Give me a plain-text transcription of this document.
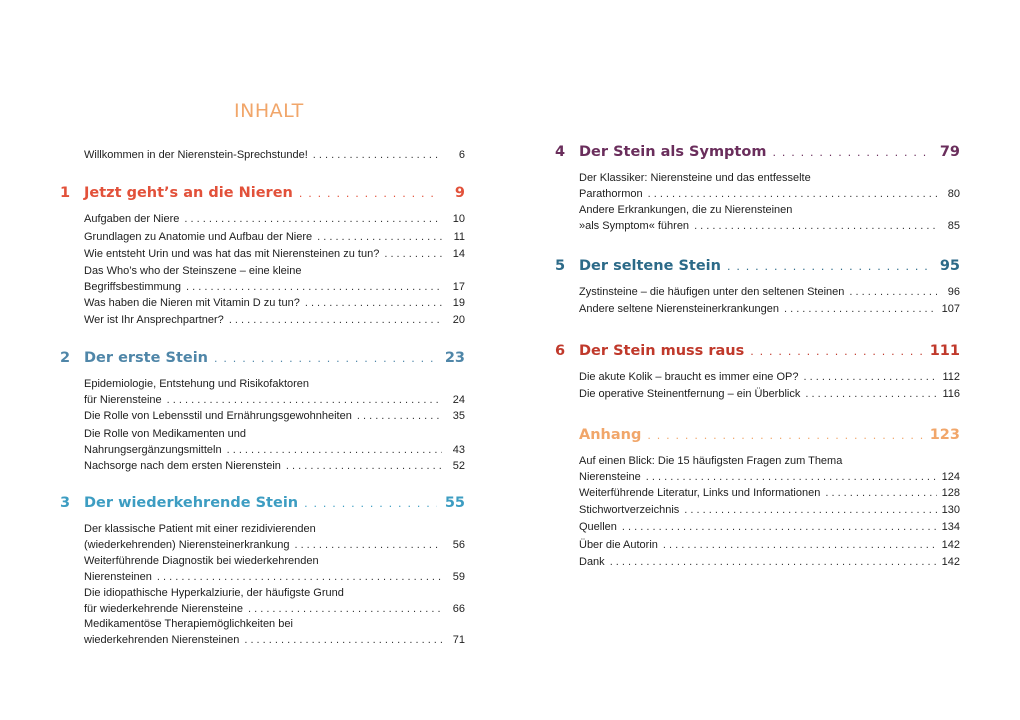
INHALT
Willkommen in der Nierenstein-Sprechstunde! . . .	6
1 Jetzt geht’s an die Nieren . . .	9
Aufgaben der Niere . . .	10
Grundlagen zu Anatomie und Aufbau der Niere . . .	11
Wie entsteht Urin und was hat das mit Nierensteinen zu tun? . . .	14
Das Who’s who der Steinszene – eine kleine
Begriffsbestimmung . . .	17
Was haben die Nieren mit Vitamin D zu tun? . . .	19
Wer ist Ihr Ansprechpartner? . . .	20
2 Der erste Stein . . .	23
Epidemiologie, Entstehung und Risikofaktoren
für Nierensteine . . .	24
Die Rolle von Lebensstil und Ernährungsgewohnheiten . . .	35
Die Rolle von Medikamenten und
Nahrungsergänzungsmitteln . . .	43
Nachsorge nach dem ersten Nierenstein . . .	52
3 Der wiederkehrende Stein . . .	55
Der klassische Patient mit einer rezidivierenden
(wiederkehrenden) Nierensteinerkrankung . . .	56
Weiterführende Diagnostik bei wiederkehrenden
Nierensteinen . . .	59
Die idiopathische Hyperkalziurie, der häufigste Grund
für wiederkehrende Nierensteine . . .	66
Medikamentöse Therapiemöglichkeiten bei
wiederkehrenden Nierensteinen . . .	71
4 Der Stein als Symptom . . .	79
Der Klassiker: Nierensteine und das entfesselte
Parathormon . . .	80
Andere Erkrankungen, die zu Nierensteinen
»als Symptom« führen . . .	85
5 Der seltene Stein . . .	95
Zystinsteine – die häufigen unter den seltenen Steinen . . .	96
Andere seltene Nierensteinerkrankungen . . .	107
6 Der Stein muss raus . . .	111
Die akute Kolik – braucht es immer eine OP? . . .	112
Die operative Steinentfernung – ein Überblick . . .	116
Anhang . . .	123
Auf einen Blick: Die 15 häufigsten Fragen zum Thema
Nierensteine . . .	124
Weiterführende Literatur, Links und Informationen . . .	128
Stichwortverzeichnis . . .	130
Quellen . . .	134
Über die Autorin . . .	142
Dank . . .	142
